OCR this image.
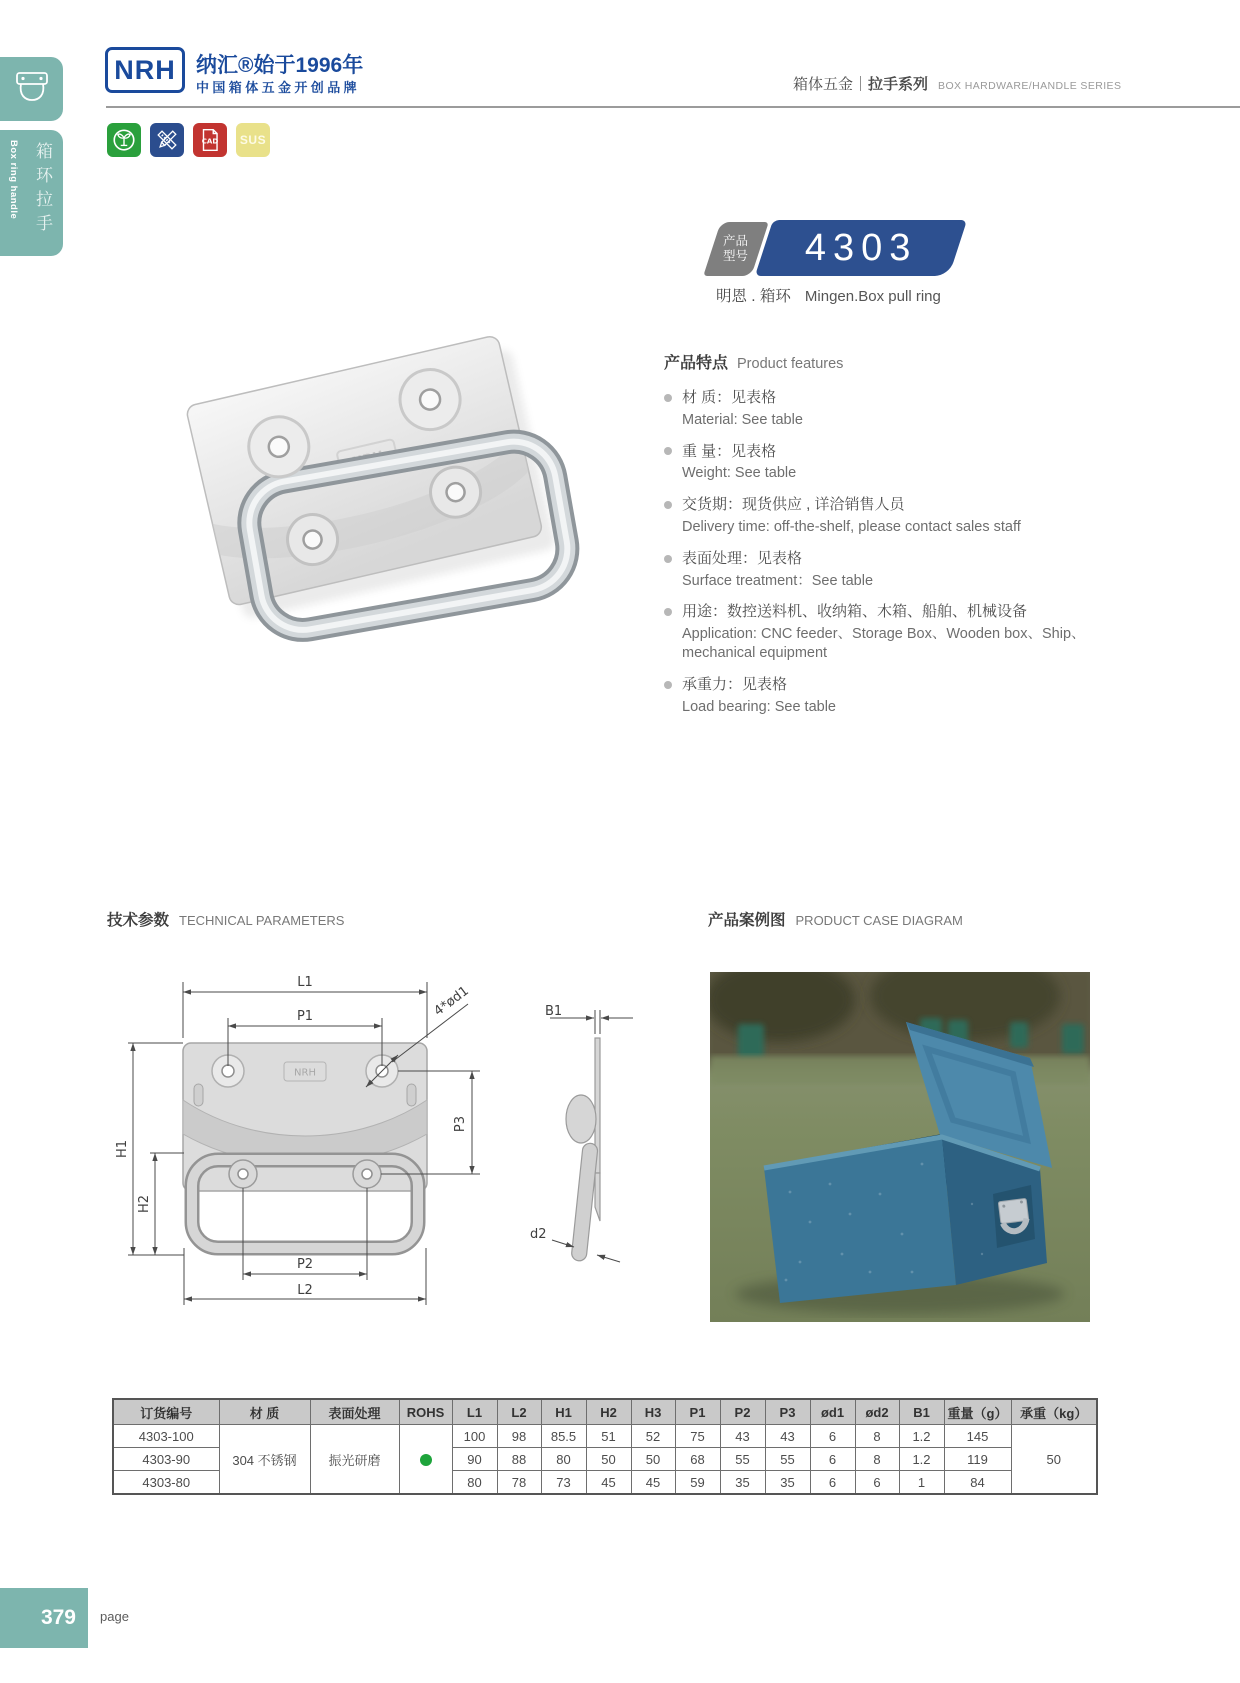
Box ring handle 箱环拉手
NRH 纳汇®始于1996年
中国箱体五金开创品牌	箱体五金｜拉手系列 BOX HARDWARE/HANDLE SERIES
CAD	SUS
NRH
产品
型号 4303
明恩 . 箱环 Mingen.Box pull ring
产品特点 Product features
材 质：见表格
Material: See table
重 量：见表格
Weight: See table
交货期：现货供应 , 详洽销售人员
Delivery time: off-the-shelf, please contact sales staff
表面处理：见表格
Surface treatment：See table
用途：数控送料机、收纳箱、木箱、船舶、机械设备
Application: CNC feeder、Storage Box、Wooden box、Ship、mechanical equipment
承重力：见表格
Load bearing: See table
技术参数 TECHNICAL PARAMETERS	产品案例图 PRODUCT CASE DIAGRAM
NRH
L1
P1
H1
H2
P2
L2
P3
4*ød1	B1
d2
订货编号	材 质	表面处理	ROHS	L1	L2	H1	H2	H3	P1	P2	P3	ød1	ød2	B1	重量（g）	承重（kg）
4303-100	304 不锈钢	振光研磨		100	98	85.5	51	52	75	43	43	6	8	1.2	145	50
4303-90				90	88	80	50	50	68	55	55	6	8	1.2	119	
4303-80				80	78	73	45	45	59	35	35	6	6	1	84	
379	page
